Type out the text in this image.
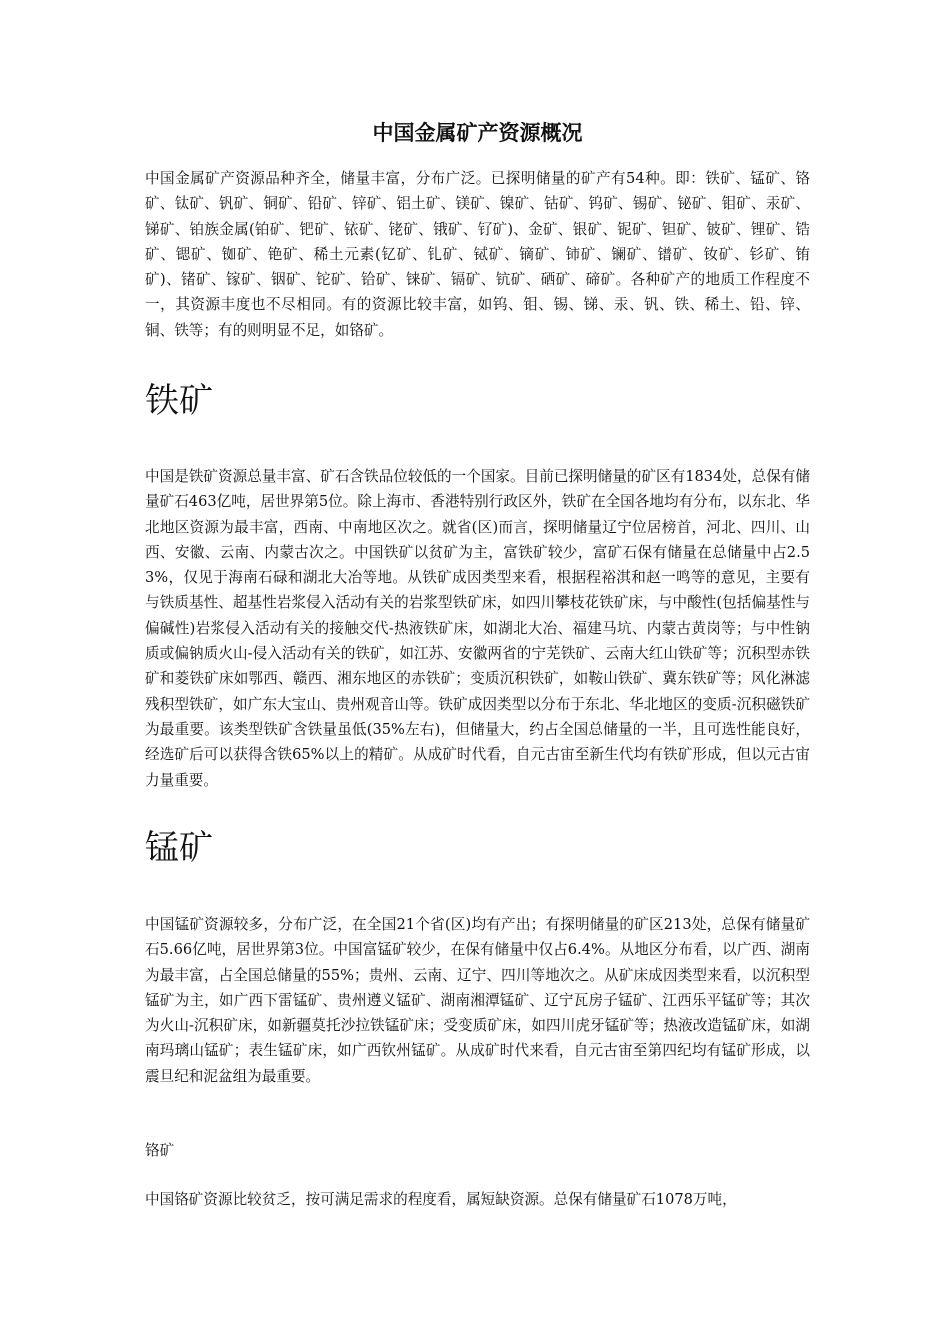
中国金属矿产资源概况

中国金属矿产资源品种齐全，储量丰富，分布广泛。已探明储量的矿产有54种。即：铁矿、锰矿、铬矿、钛矿、钒矿、铜矿、铅矿、锌矿、铝土矿、镁矿、镍矿、钴矿、钨矿、锡矿、铋矿、钼矿、汞矿、锑矿、铂族金属(铂矿、钯矿、铱矿、铑矿、锇矿、钌矿)、金矿、银矿、铌矿、钽矿、铍矿、锂矿、锆矿、锶矿、铷矿、铯矿、稀土元素(钇矿、钆矿、铽矿、镝矿、铈矿、镧矿、镨矿、钕矿、钐矿、铕矿)、锗矿、镓矿、铟矿、铊矿、铪矿、铼矿、镉矿、钪矿、硒矿、碲矿。各种矿产的地质工作程度不一，其资源丰度也不尽相同。有的资源比较丰富，如钨、钼、锡、锑、汞、钒、铁、稀土、铅、锌、铜、铁等；有的则明显不足，如铬矿。

铁矿

中国是铁矿资源总量丰富、矿石含铁品位较低的一个国家。目前已探明储量的矿区有1834处，总保有储量矿石463亿吨，居世界第5位。除上海市、香港特别行政区外，铁矿在全国各地均有分布，以东北、华北地区资源为最丰富，西南、中南地区次之。就省(区)而言，探明储量辽宁位居榜首，河北、四川、山西、安徽、云南、内蒙古次之。中国铁矿以贫矿为主，富铁矿较少，富矿石保有储量在总储量中占2.53%，仅见于海南石碌和湖北大冶等地。从铁矿成因类型来看，根据程裕淇和赵一鸣等的意见，主要有与铁质基性、超基性岩浆侵入活动有关的岩浆型铁矿床，如四川攀枝花铁矿床，与中酸性(包括偏基性与偏碱性)岩浆侵入活动有关的接触交代-热液铁矿床，如湖北大冶、福建马坑、内蒙古黄岗等；与中性钠质或偏钠质火山-侵入活动有关的铁矿，如江苏、安徽两省的宁芜铁矿、云南大红山铁矿等；沉积型赤铁矿和菱铁矿床如鄂西、赣西、湘东地区的赤铁矿；变质沉积铁矿，如鞍山铁矿、冀东铁矿等；风化淋滤残积型铁矿，如广东大宝山、贵州观音山等。铁矿成因类型以分布于东北、华北地区的变质-沉积磁铁矿为最重要。该类型铁矿含铁量虽低(35%左右)，但储量大，约占全国总储量的一半，且可选性能良好，经选矿后可以获得含铁65%以上的精矿。从成矿时代看，自元古宙至新生代均有铁矿形成，但以元古宙力量重要。

锰矿

中国锰矿资源较多，分布广泛，在全国21个省(区)均有产出；有探明储量的矿区213处，总保有储量矿石5.66亿吨，居世界第3位。中国富锰矿较少，在保有储量中仅占6.4%。从地区分布看，以广西、湖南为最丰富，占全国总储量的55%；贵州、云南、辽宁、四川等地次之。从矿床成因类型来看，以沉积型锰矿为主，如广西下雷锰矿、贵州遵义锰矿、湖南湘潭锰矿、辽宁瓦房子锰矿、江西乐平锰矿等；其次为火山-沉积矿床，如新疆莫托沙拉铁锰矿床；受变质矿床，如四川虎牙锰矿等；热液改造锰矿床，如湖南玛璃山锰矿；表生锰矿床，如广西钦州锰矿。从成矿时代来看，自元古宙至第四纪均有锰矿形成，以震旦纪和泥盆组为最重要。

铬矿

中国铬矿资源比较贫乏，按可满足需求的程度看，属短缺资源。总保有储量矿石1078万吨，
